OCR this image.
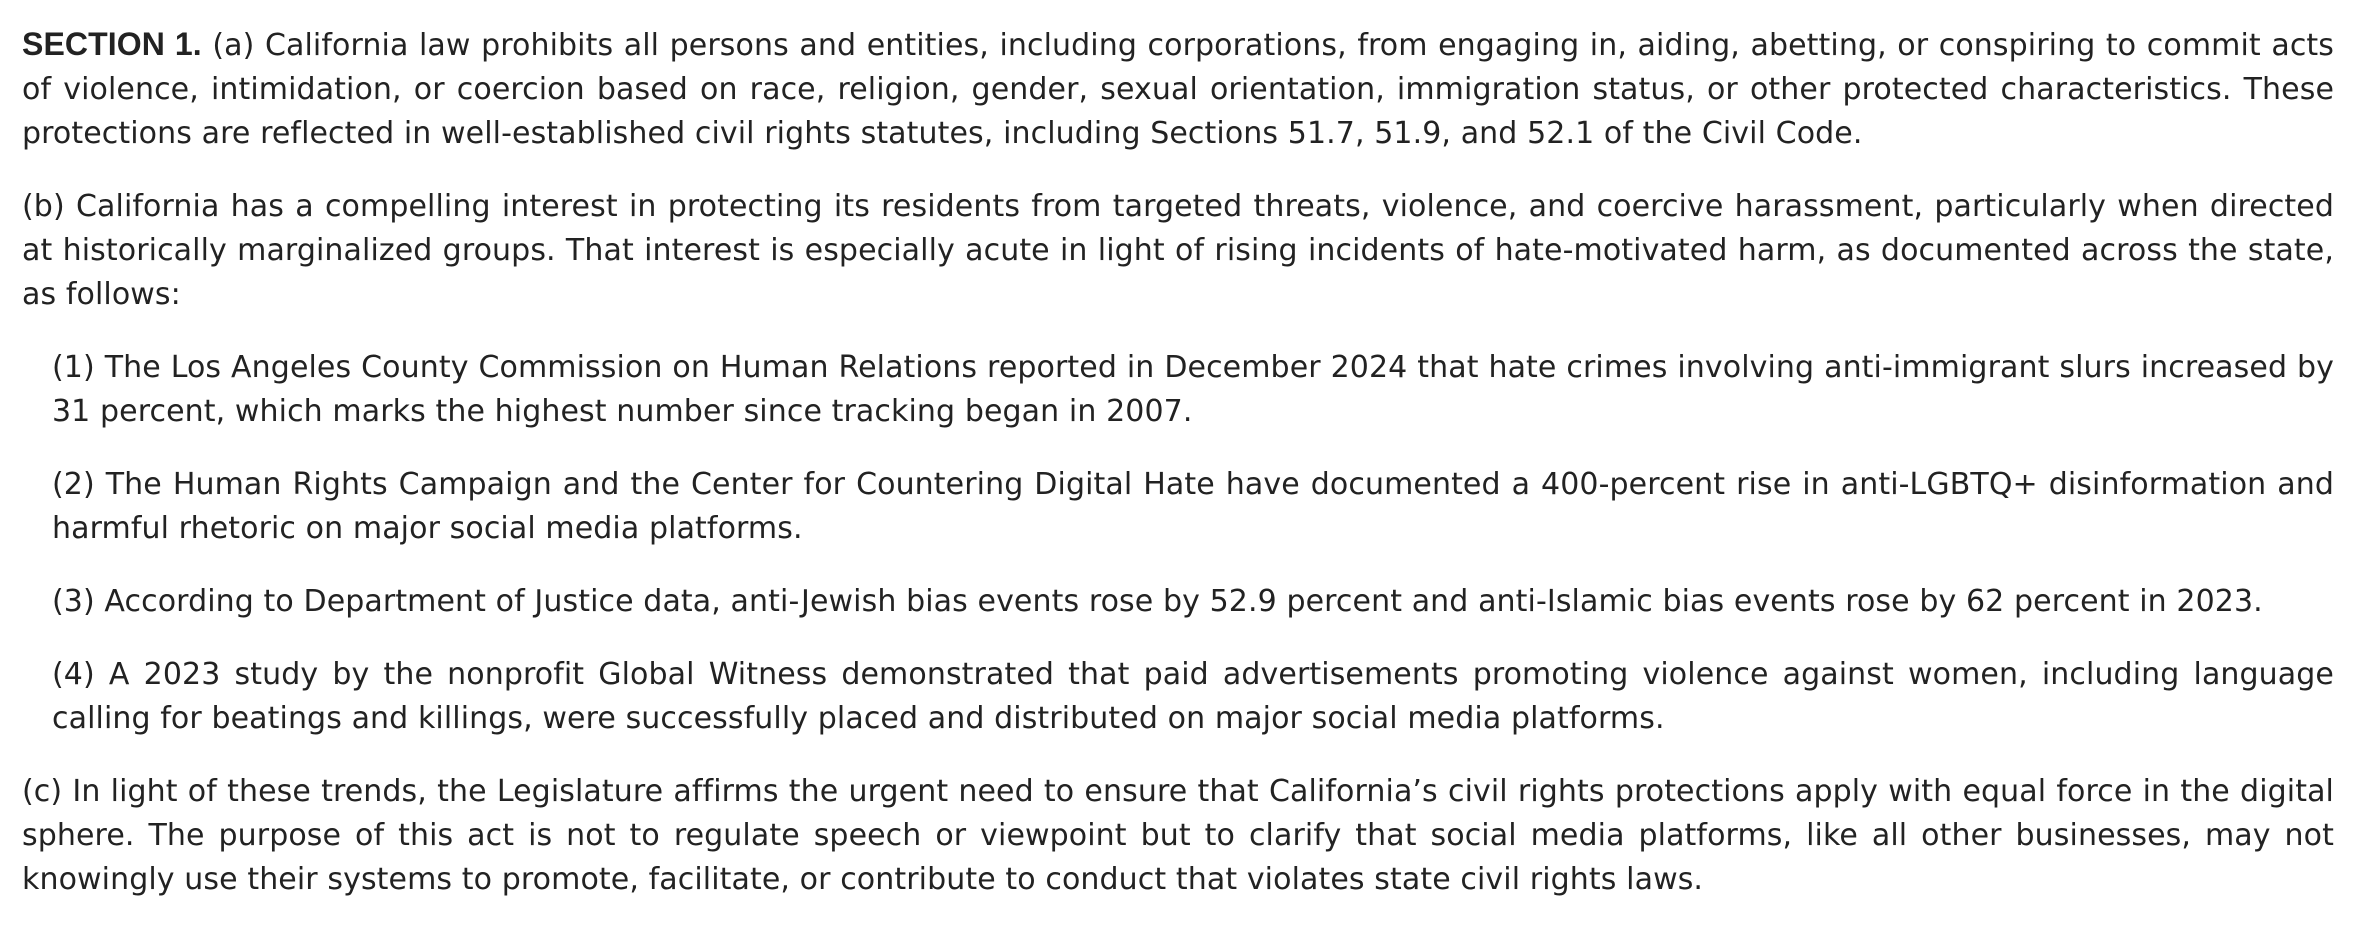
SECTION 1. (a) California law prohibits all persons and entities, including corporations, from engaging in, aiding, abetting, or conspiring to commit acts of violence, intimidation, or coercion based on race, religion, gender, sexual orientation, immigration status, or other protected characteristics. These protections are reflected in well-established civil rights statutes, including Sections 51.7, 51.9, and 52.1 of the Civil Code.

(b) California has a compelling interest in protecting its residents from targeted threats, violence, and coercive harassment, particularly when directed at historically marginalized groups. That interest is especially acute in light of rising incidents of hate-motivated harm, as documented across the state, as follows:

(1) The Los Angeles County Commission on Human Relations reported in December 2024 that hate crimes involving anti-immigrant slurs increased by 31 percent, which marks the highest number since tracking began in 2007.

(2) The Human Rights Campaign and the Center for Countering Digital Hate have documented a 400-percent rise in anti-LGBTQ+ disinformation and harmful rhetoric on major social media platforms.

(3) According to Department of Justice data, anti-Jewish bias events rose by 52.9 percent and anti-Islamic bias events rose by 62 percent in 2023.

(4) A 2023 study by the nonprofit Global Witness demonstrated that paid advertisements promoting violence against women, including language calling for beatings and killings, were successfully placed and distributed on major social media platforms.

(c) In light of these trends, the Legislature affirms the urgent need to ensure that California’s civil rights protections apply with equal force in the digital sphere. The purpose of this act is not to regulate speech or viewpoint but to clarify that social media platforms, like all other businesses, may not knowingly use their systems to promote, facilitate, or contribute to conduct that violates state civil rights laws.
